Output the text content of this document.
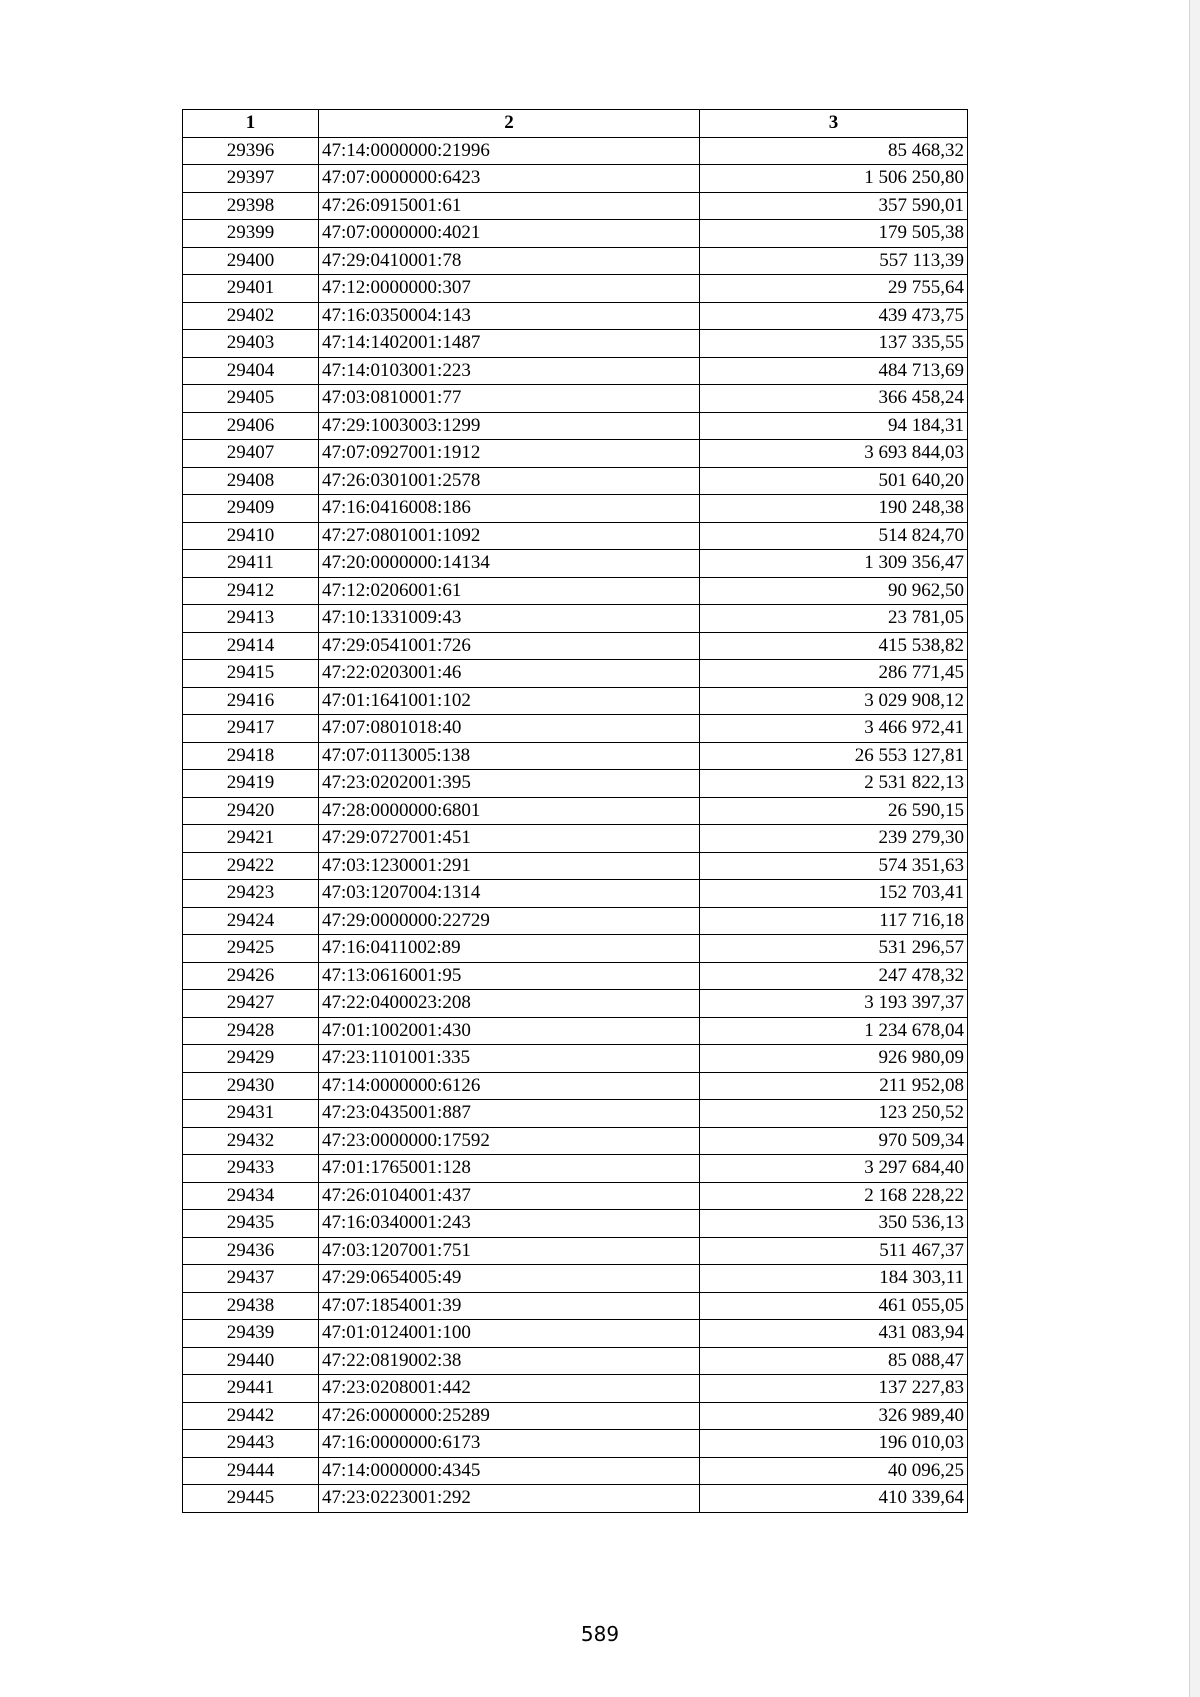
1	2	3
29396	47:14:0000000:21996	85 468,32
29397	47:07:0000000:6423	1 506 250,80
29398	47:26:0915001:61	357 590,01
29399	47:07:0000000:4021	179 505,38
29400	47:29:0410001:78	557 113,39
29401	47:12:0000000:307	29 755,64
29402	47:16:0350004:143	439 473,75
29403	47:14:1402001:1487	137 335,55
29404	47:14:0103001:223	484 713,69
29405	47:03:0810001:77	366 458,24
29406	47:29:1003003:1299	94 184,31
29407	47:07:0927001:1912	3 693 844,03
29408	47:26:0301001:2578	501 640,20
29409	47:16:0416008:186	190 248,38
29410	47:27:0801001:1092	514 824,70
29411	47:20:0000000:14134	1 309 356,47
29412	47:12:0206001:61	90 962,50
29413	47:10:1331009:43	23 781,05
29414	47:29:0541001:726	415 538,82
29415	47:22:0203001:46	286 771,45
29416	47:01:1641001:102	3 029 908,12
29417	47:07:0801018:40	3 466 972,41
29418	47:07:0113005:138	26 553 127,81
29419	47:23:0202001:395	2 531 822,13
29420	47:28:0000000:6801	26 590,15
29421	47:29:0727001:451	239 279,30
29422	47:03:1230001:291	574 351,63
29423	47:03:1207004:1314	152 703,41
29424	47:29:0000000:22729	117 716,18
29425	47:16:0411002:89	531 296,57
29426	47:13:0616001:95	247 478,32
29427	47:22:0400023:208	3 193 397,37
29428	47:01:1002001:430	1 234 678,04
29429	47:23:1101001:335	926 980,09
29430	47:14:0000000:6126	211 952,08
29431	47:23:0435001:887	123 250,52
29432	47:23:0000000:17592	970 509,34
29433	47:01:1765001:128	3 297 684,40
29434	47:26:0104001:437	2 168 228,22
29435	47:16:0340001:243	350 536,13
29436	47:03:1207001:751	511 467,37
29437	47:29:0654005:49	184 303,11
29438	47:07:1854001:39	461 055,05
29439	47:01:0124001:100	431 083,94
29440	47:22:0819002:38	85 088,47
29441	47:23:0208001:442	137 227,83
29442	47:26:0000000:25289	326 989,40
29443	47:16:0000000:6173	196 010,03
29444	47:14:0000000:4345	40 096,25
29445	47:23:0223001:292	410 339,64
589
